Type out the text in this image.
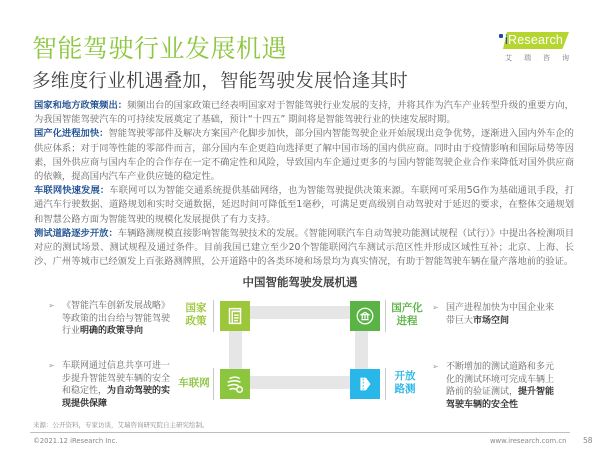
智能驾驶行业发展机遇
多维度行业机遇叠加，智能驾驶发展恰逢其时
iResearch
艾 瑞 咨 询

国家和地方政策频出：频频出台的国家政策已经表明国家对于智能驾驶行业发展的支持，并将其作为汽车产业转型升级的重要方向，为我国智能驾驶汽车的可持续发展奠定了基础，预计“十四五” 期间将是智能驾驶行业的快速发展时期。

国产化进程加快：智能驾驶零部件及解决方案国产化脚步加快，部分国内智能驾驶企业开始展现出竞争优势，逐渐进入国内外车企的供应体系；对于同等性能的零部件而言，部分国内车企更趋向选择更了解中国市场的国内供应商。同时由于疫情影响和国际局势等因素，国外供应商与国内车企的合作存在一定不确定性和风险，导致国内车企通过更多的与国内智能驾驶企业合作来降低对国外供应商的依赖，提高国内汽车产业供应链的稳定性。

车联网快速发展：车联网可以为智能交通系统提供基础网络，也为智能驾驶提供决策来源。车联网可采用5G作为基础通讯手段，打通汽车行驶数据、道路规划和实时交通数据，延迟时间可降低至1毫秒，可满足更高级别自动驾驶对于延迟的要求，在整体交通规划和智慧公路方面为智能驾驶的规模化发展提供了有力支持。

测试道路逐步开放：车辆路测规模直接影响智能驾驶技术的发展。《智能网联汽车自动驾驶功能测试规程（试行）》中提出各检测项目对应的测试场景、测试规程及通过条件。目前我国已建立至少20个智能联网汽车测试示范区性并形成区域性互补；北京、上海、长沙、广州等城市已经颁发上百张路测牌照，公开道路中的各类环境和场景均为真实情况，有助于智能驾驶车辆在量产落地前的验证。

中国智能驾驶发展机遇
国家
政策
➢ 《智能汽车创新发展战略》等政策的出台给与智能驾驶行业明确的政策导向
国产化
进程
➢ 国产进程加快为中国企业来带巨大市场空间
车联网
➢ 车联网通过信息共享可进一步提升智能驾驶车辆的安全和稳定性，为自动驾驶的实现提供保障
开放
路测
➢ 不断增加的测试道路和多元化的测试环境可完成车辆上路前的验证测试，提升智能驾驶车辆的安全性
来源：公开资料，专家访谈，艾瑞咨询研究院自主研究绘制。
©2021.12 iResearch Inc.	www.iresearch.com.cn 58
